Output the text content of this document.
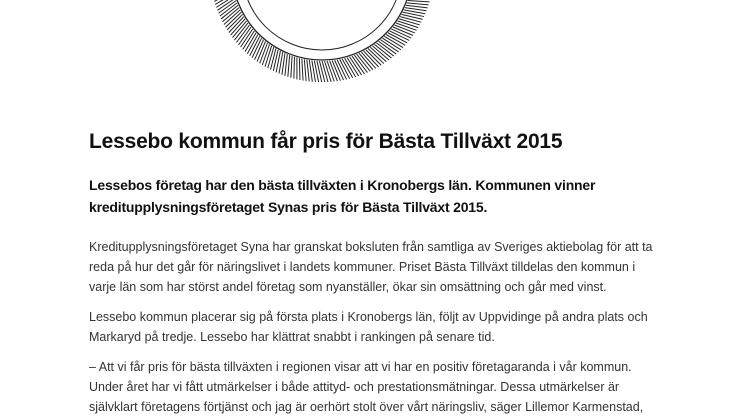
Lessebo kommun får pris för Bästa Tillväxt 2015

Lessebos företag har den bästa tillväxten i Kronobergs län. Kommunen vinner kreditupplysningsföretaget Synas pris för Bästa Tillväxt 2015.

Kreditupplysningsföretaget Syna har granskat boksluten från samtliga av Sveriges aktiebolag för att ta reda på hur det går för näringslivet i landets kommuner. Priset Bästa Tillväxt tilldelas den kommun i varje län som har störst andel företag som nyanställer, ökar sin omsättning och går med vinst.

Lessebo kommun placerar sig på första plats i Kronobergs län, följt av Uppvidinge på andra plats och Markaryd på tredje. Lessebo har klättrat snabbt i rankingen på senare tid.

– Att vi får pris för bästa tillväxten i regionen visar att vi har en positiv företagaranda i vår kommun. Under året har vi fått utmärkelser i både attityd- och prestationsmätningar. Dessa utmärkelser är självklart företagens förtjänst och jag är oerhört stolt över vårt näringsliv, säger Lillemor Karmenstad,
